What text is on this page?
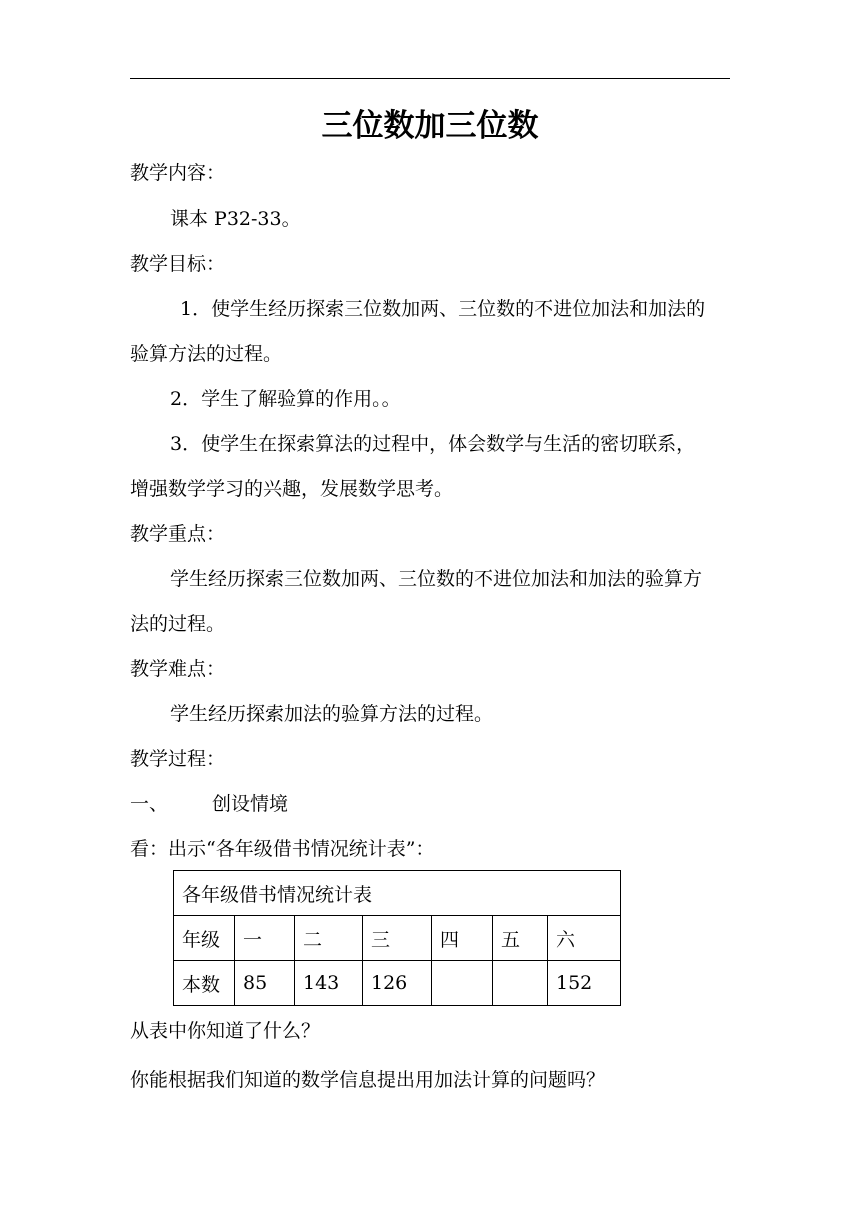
三位数加三位数

教学内容：

课本 P32-33。

教学目标：

1．使学生经历探索三位数加两、三位数的不进位加法和加法的

验算方法的过程。

2．学生了解验算的作用。。

3．使学生在探索算法的过程中，体会数学与生活的密切联系，

增强数学学习的兴趣，发展数学思考。

教学重点：

学生经历探索三位数加两、三位数的不进位加法和加法的验算方

法的过程。

教学难点：

学生经历探索加法的验算方法的过程。

教学过程：

一、 创设情境

看：出示“各年级借书情况统计表”：

各年级借书情况统计表						
年级	一	二	三	四	五	六
本数	85	143	126			152

从表中你知道了什么？

你能根据我们知道的数学信息提出用加法计算的问题吗？
